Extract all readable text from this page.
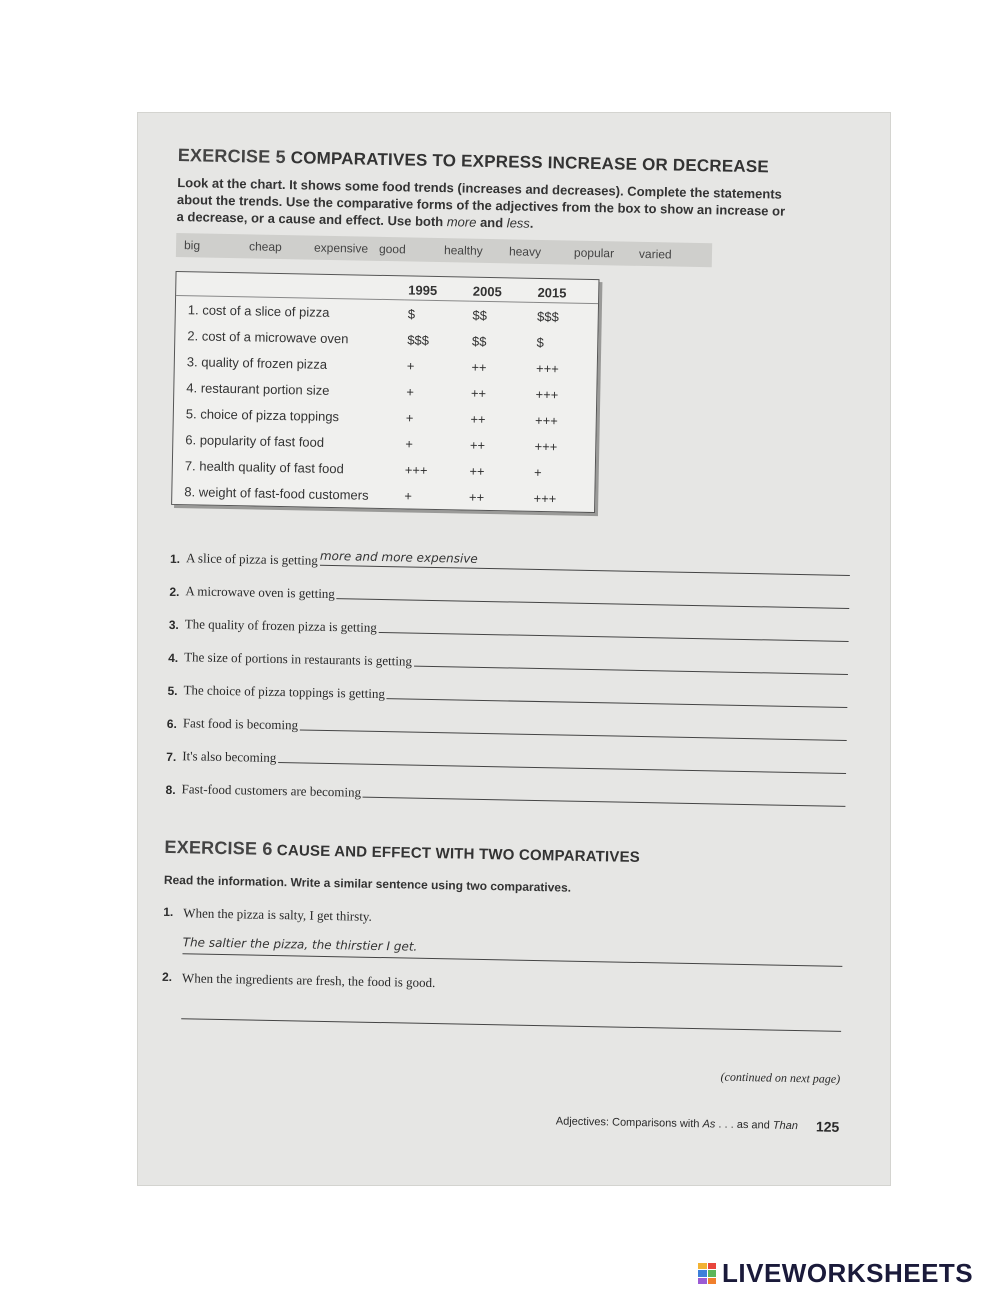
EXERCISE 5 COMPARATIVES TO EXPRESS INCREASE OR DECREASE
Look at the chart. It shows some food trends (increases and decreases). Complete the statements about the trends. Use the comparative forms of the adjectives from the box to show an increase or a decrease, or a cause and effect. Use both more and less.
big	cheap	expensive good	healthy	heavy	popular	varied
	1995	2005	2015
1. cost of a slice of pizza	$	$$	$$$
2. cost of a microwave oven	$$$	$$	$
3. quality of frozen pizza	+	++	+++
4. restaurant portion size	+	++	+++
5. choice of pizza toppings	+	++	+++
6. popularity of fast food	+	++	+++
7. health quality of fast food	+++	++	+
8. weight of fast-food customers	+	++	+++
1. A slice of pizza is getting more and more expensive
2. A microwave oven is getting
3. The quality of frozen pizza is getting
4. The size of portions in restaurants is getting
5. The choice of pizza toppings is getting
6. Fast food is becoming
7. It's also becoming
8. Fast-food customers are becoming
EXERCISE 6 CAUSE AND EFFECT WITH TWO COMPARATIVES
Read the information. Write a similar sentence using two comparatives.
1. When the pizza is salty, I get thirsty.
The saltier the pizza, the thirstier I get.
2. When the ingredients are fresh, the food is good.
(continued on next page)
Adjectives: Comparisons with As . . . as and Than 125
LIVEWORKSHEETS
